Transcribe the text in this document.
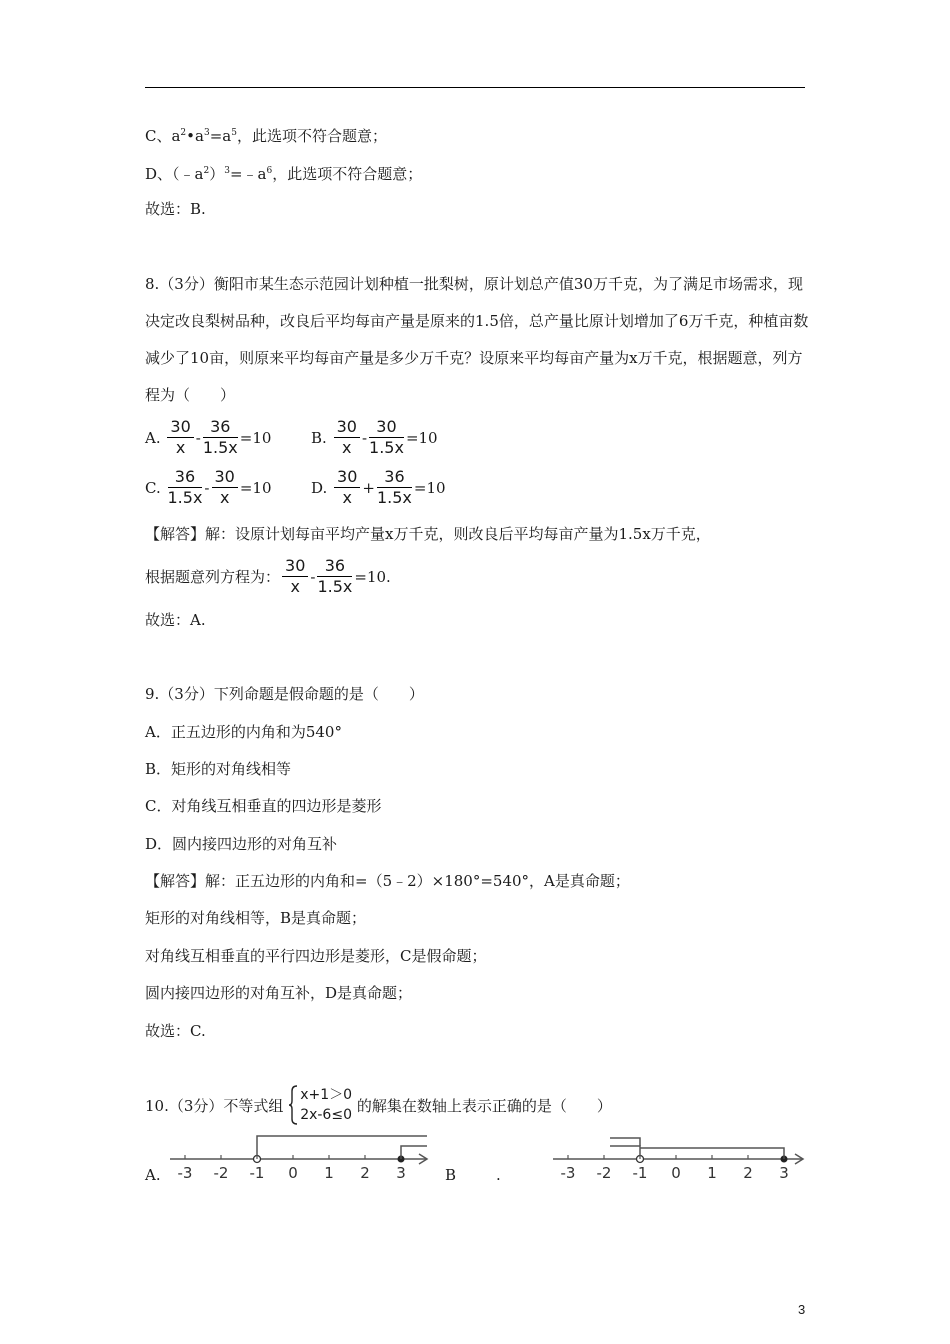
C、$a^2•a^3=a^5$，此选项不符合题意；
D、$(﹣a^2)^3=﹣a^6$，此选项不符合题意；
故选：B.
8.（3分）衡阳市某生态示范园计划种植一批梨树，原计划总产值30万千克，为了满足市场需求，现决定改良梨树品种，改良后平均每亩产量是原来的1.5倍，总产量比原计划增加了6万千克，种植亩数减少了10亩，则原来平均每亩产量是多少万千克？设原来平均每亩产量为x万千克，根据题意，列方程为（　　）
A. $\frac{30}{x} - \frac{36}{1.5x} =10$	B. $\frac{30}{x} - \frac{30}{1.5x} =10$
C. $\frac{36}{1.5x} - \frac{30}{x} =10$	D. $\frac{30}{x} + \frac{36}{1.5x} =10$
【解答】解：设原计划每亩平均产量x万千克，则改良后平均每亩产量为1.5x万千克，
根据题意列方程为： $\frac{30}{x} - \frac{36}{1.5x} =10$.
故选：A.
9.（3分）下列命题是假命题的是（　　）
A．正五边形的内角和为540°
B．矩形的对角线相等
C．对角线互相垂直的四边形是菱形
D．圆内接四边形的对角互补
【解答】解：正五边形的内角和=（5﹣2）×180°=540°，A是真命题；
矩形的对角线相等，B是真命题；
对角线互相垂直的平行四边形是菱形，C是假命题；
圆内接四边形的对角互补，D是真命题；
故选：C.
10.（3分）不等式组
x+1＞0
2x-6≤0
的解集在数轴上表示正确的是（　　）
A. -3 -2 -1 0 1 2 3	B	.	-3 -2 -1 0 1 2 3
3
